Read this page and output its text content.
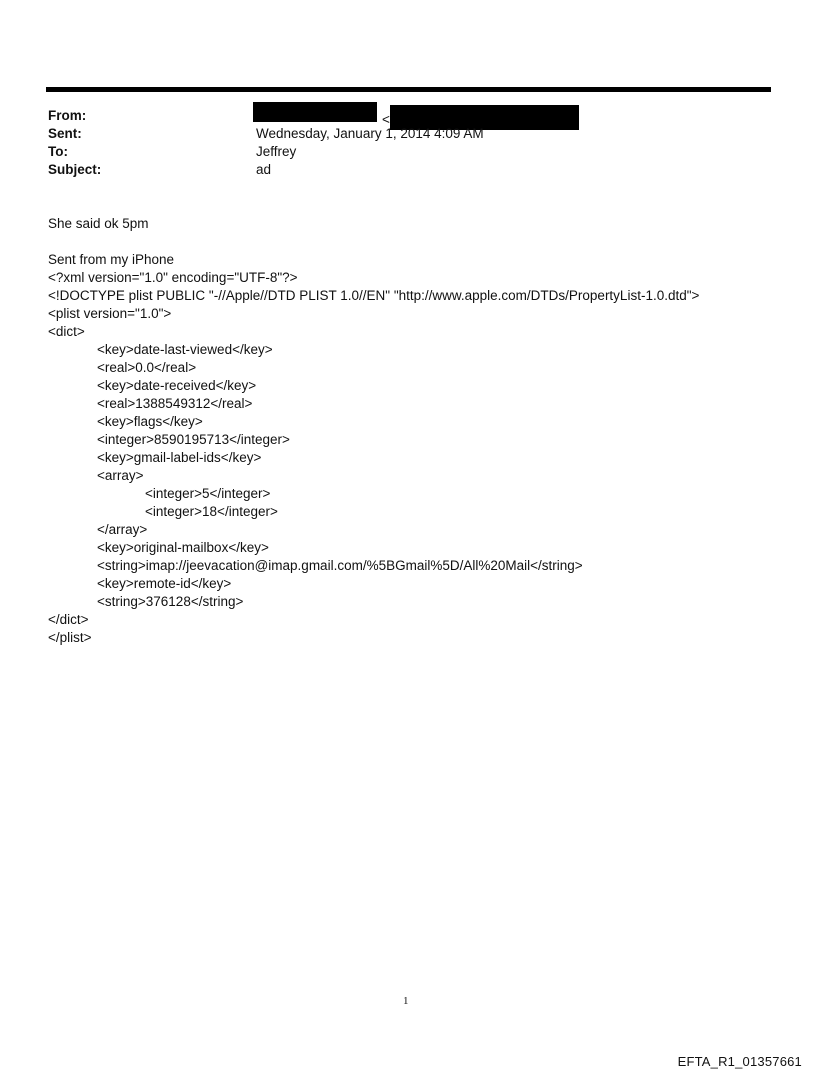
From:	<
Sent:	Wednesday, January 1, 2014 4:09 AM
To:	Jeffrey
Subject:	ad
She said ok 5pm
Sent from my iPhone
<?xml version="1.0" encoding="UTF-8"?>
<!DOCTYPE plist PUBLIC "-//Apple//DTD PLIST 1.0//EN" "http://www.apple.com/DTDs/PropertyList-1.0.dtd">
<plist version="1.0">
<dict>
<key>date-last-viewed</key>
<real>0.0</real>
<key>date-received</key>
<real>1388549312</real>
<key>flags</key>
<integer>8590195713</integer>
<key>gmail-label-ids</key>
<array>
<integer>5</integer>
<integer>18</integer>
</array>
<key>original-mailbox</key>
<string>imap://jeevacation@imap.gmail.com/%5BGmail%5D/All%20Mail</string>
<key>remote-id</key>
<string>376128</string>
</dict>
</plist>
1
EFTA_R1_01357661
